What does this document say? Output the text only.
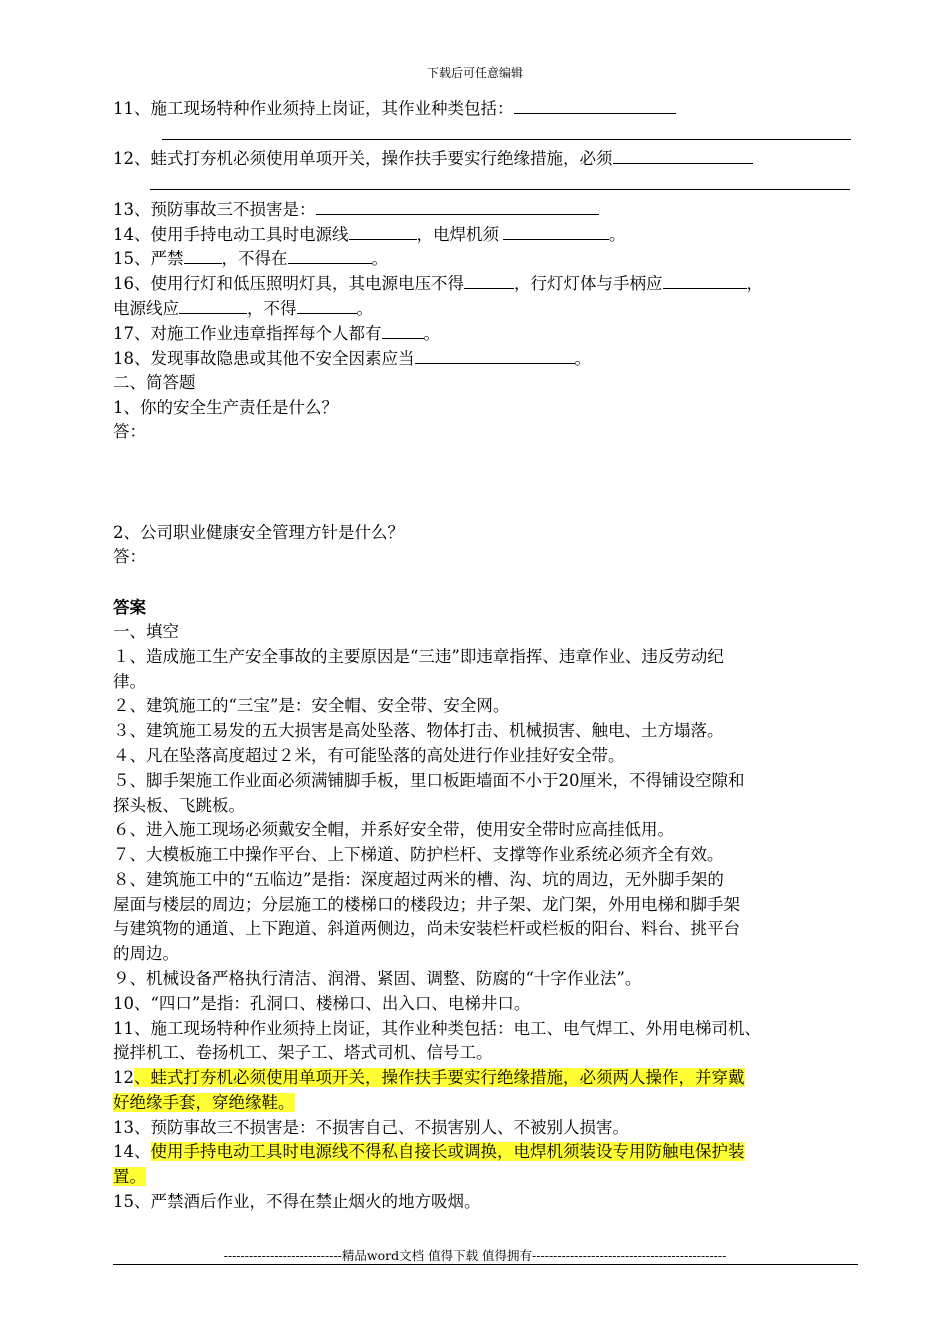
下载后可任意编辑
11、施工现场特种作业须持上岗证，其作业种类包括：
12、蛙式打夯机必须使用单项开关，操作扶手要实行绝缘措施，必须
13、预防事故三不损害是：
14、使用手持电动工具时电源线	，电焊机须	。
15、严禁 ，不得在	。
16、使用行灯和低压照明灯具，其电源电压不得	，行灯灯体与手柄应	，
电源线应	，不得	。
17、对施工作业违章指挥每个人都有	。
18、发现事故隐患或其他不安全因素应当	。
二、简答题
1、你的安全生产责任是什么？
答：
2、公司职业健康安全管理方针是什么？
答：
答案
一、填空
１、造成施工生产安全事故的主要原因是“三违”即违章指挥、违章作业、违反劳动纪
律。
２、建筑施工的“三宝”是：安全帽、安全带、安全网。
３、建筑施工易发的五大损害是高处坠落、物体打击、机械损害、触电、土方塌落。
４、凡在坠落高度超过２米，有可能坠落的高处进行作业挂好安全带。
５、脚手架施工作业面必须满铺脚手板，里口板距墙面不小于20厘米，不得铺设空隙和
探头板、飞跳板。
６、进入施工现场必须戴安全帽，并系好安全带，使用安全带时应高挂低用。
７、大模板施工中操作平台、上下梯道、防护栏杆、支撑等作业系统必须齐全有效。
８、建筑施工中的“五临边”是指：深度超过两米的槽、沟、坑的周边，无外脚手架的
屋面与楼层的周边；分层施工的楼梯口的楼段边；井子架、龙门架，外用电梯和脚手架
与建筑物的通道、上下跑道、斜道两侧边，尚未安装栏杆或栏板的阳台、料台、挑平台
的周边。
９、机械设备严格执行清洁、润滑、紧固、调整、防腐的“十字作业法”。
10、“四口”是指：孔洞口、楼梯口、出入口、电梯井口。
11、施工现场特种作业须持上岗证，其作业种类包括：电工、电气焊工、外用电梯司机、
搅拌机工、卷扬机工、架子工、塔式司机、信号工。
12、蛙式打夯机必须使用单项开关，操作扶手要实行绝缘措施，必须两人操作，并穿戴
好绝缘手套，穿绝缘鞋。
13、预防事故三不损害是：不损害自己、不损害别人、不被别人损害。
14、使用手持电动工具时电源线不得私自接长或调换，电焊机须装设专用防触电保护装
置。
15、严禁酒后作业，不得在禁止烟火的地方吸烟。
----------------------------精品word文档 值得下载 值得拥有----------------------------------------------
